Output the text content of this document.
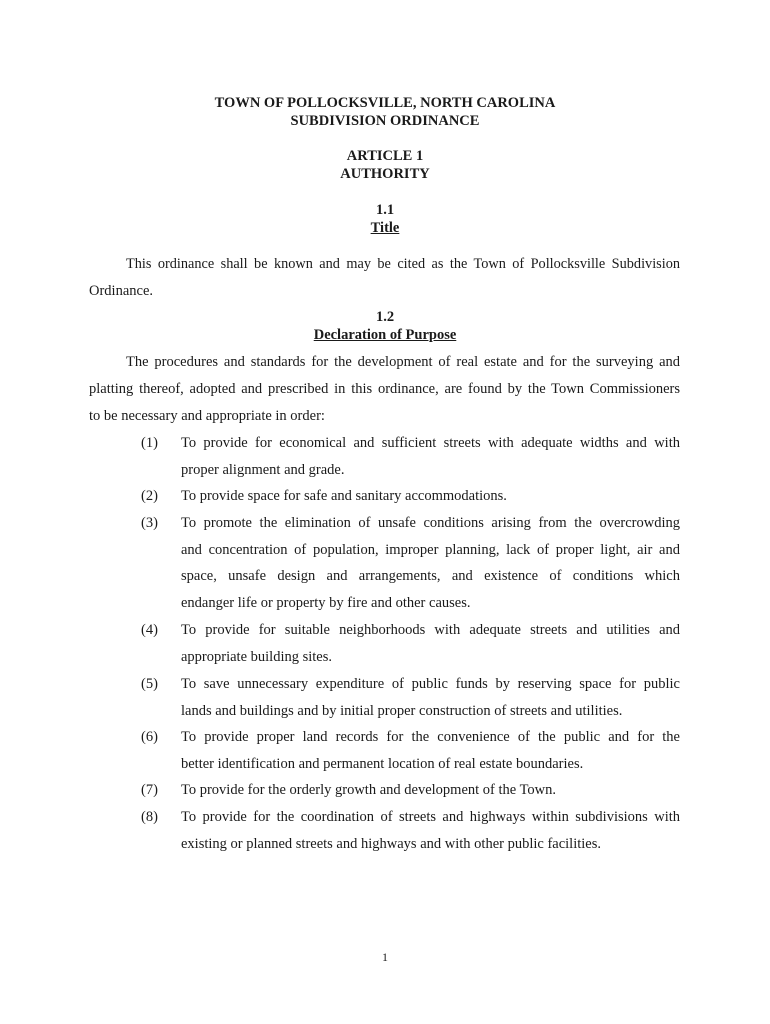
TOWN OF POLLOCKSVILLE, NORTH CAROLINA
SUBDIVISION ORDINANCE
ARTICLE 1
AUTHORITY
1.1
Title
This ordinance shall be known and may be cited as the Town of Pollocksville Subdivision
Ordinance.
1.2
Declaration of Purpose
The procedures and standards for the development of real estate and for the surveying and
platting thereof, adopted and prescribed in this ordinance, are found by the Town Commissioners
to be necessary and appropriate in order:
(1) To provide for economical and sufficient streets with adequate widths and with
proper alignment and grade.
(2) To provide space for safe and sanitary accommodations.
(3) To promote the elimination of unsafe conditions arising from the overcrowding
and concentration of population, improper planning, lack of proper light, air and
space, unsafe design and arrangements, and existence of conditions which
endanger life or property by fire and other causes.
(4) To provide for suitable neighborhoods with adequate streets and utilities and
appropriate building sites.
(5) To save unnecessary expenditure of public funds by reserving space for public
lands and buildings and by initial proper construction of streets and utilities.
(6) To provide proper land records for the convenience of the public and for the
better identification and permanent location of real estate boundaries.
(7) To provide for the orderly growth and development of the Town.
(8) To provide for the coordination of streets and highways within subdivisions with
existing or planned streets and highways and with other public facilities.
1
